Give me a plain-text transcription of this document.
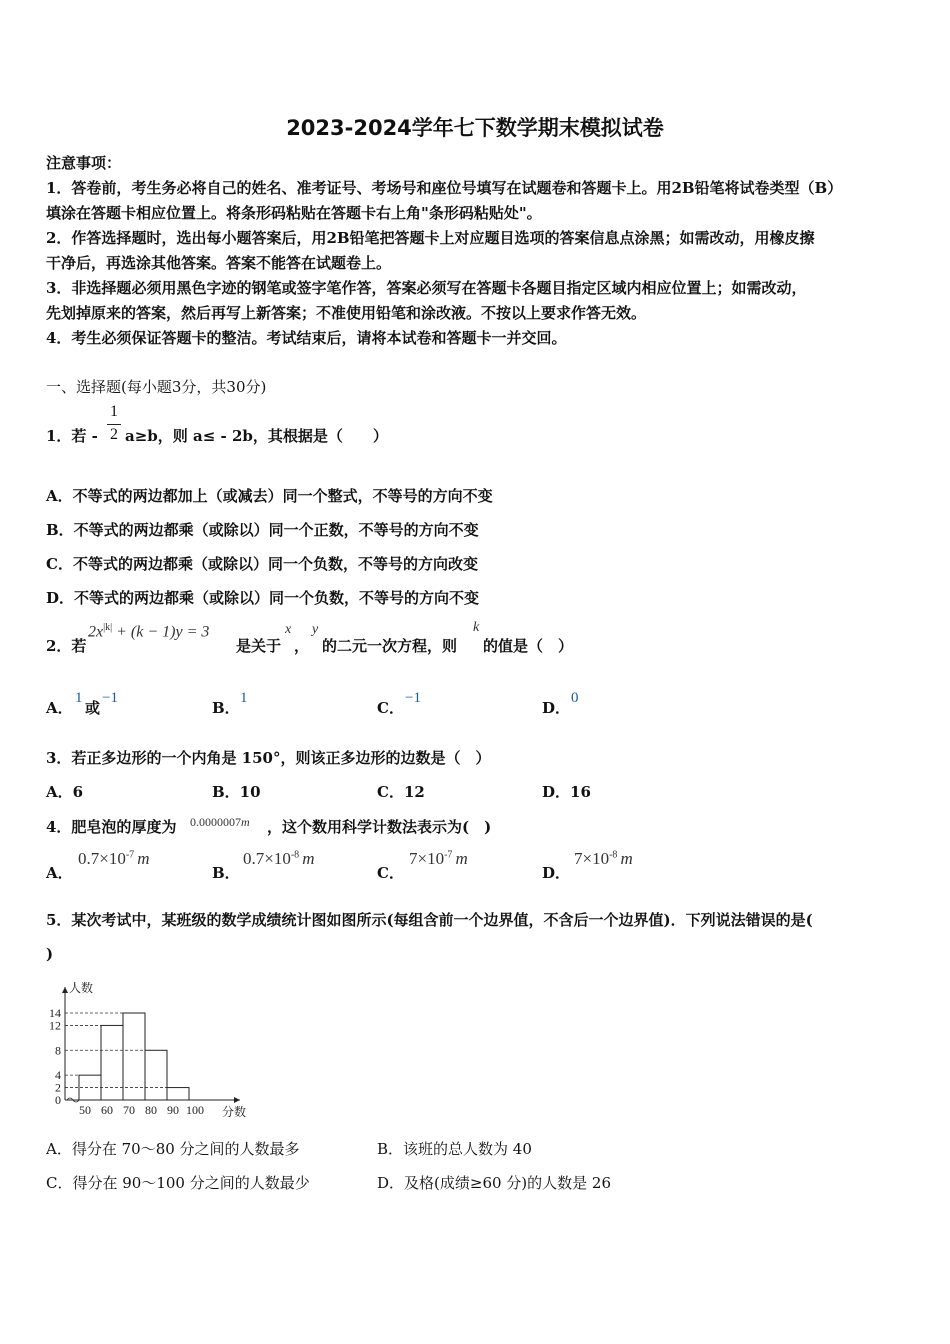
2023-2024学年七下数学期末模拟试卷
注意事项：
1．答卷前，考生务必将自己的姓名、准考证号、考场号和座位号填写在试题卷和答题卡上。用2B铅笔将试卷类型（B）
填涂在答题卡相应位置上。将条形码粘贴在答题卡右上角"条形码粘贴处"。
2．作答选择题时，选出每小题答案后，用2B铅笔把答题卡上对应题目选项的答案信息点涂黑；如需改动，用橡皮擦
干净后，再选涂其他答案。答案不能答在试题卷上。
3．非选择题必须用黑色字迹的钢笔或签字笔作答，答案必须写在答题卡各题目指定区域内相应位置上；如需改动，
先划掉原来的答案，然后再写上新答案；不准使用铅笔和涂改液。不按以上要求作答无效。
4．考生必须保证答题卡的整洁。考试结束后，请将本试卷和答题卡一并交回。
一、选择题(每小题3分，共30分)
1．若 -
1
2 a≥b，则 a≤ - 2b，其根据是（　　）
A．不等式的两边都加上（或减去）同一个整式，不等号的方向不变
B．不等式的两边都乘（或除以）同一个正数，不等号的方向不变
C．不等式的两边都乘（或除以）同一个负数，不等号的方向改变
D．不等式的两边都乘（或除以）同一个负数，不等号的方向不变
2．若
$2x^{|k|} + (k - 1)y = 3$
是关于
x
，
y
的二元一次方程，则
k
的值是（　）
A．
1
或
−1
B．
1
C．
−1
D．
0
3．若正多边形的一个内角是 150°，则该正多边形的边数是（　）
A．6	B．10	C．12	D．16
4．肥皂泡的厚度为 0.0000007m ，这个数用科学计数法表示为(　)
A．
$0.7\times 10^{-7}$ m
B．
$0.7\times 10^{-8}$ m
C．
$7\times 10^{-7}$ m
D．
$7\times 10^{-8}$ m
5．某次考试中，某班级的数学成绩统计图如图所示(每组含前一个边界值，不含后一个边界值)．下列说法错误的是(
)
0
2
4
8
12
14
50 60 70 80 90 100
人数
分数
A．得分在 70～80 分之间的人数最多	B．该班的总人数为 40
C．得分在 90～100 分之间的人数最少	D．及格(成绩≥60 分)的人数是 26
